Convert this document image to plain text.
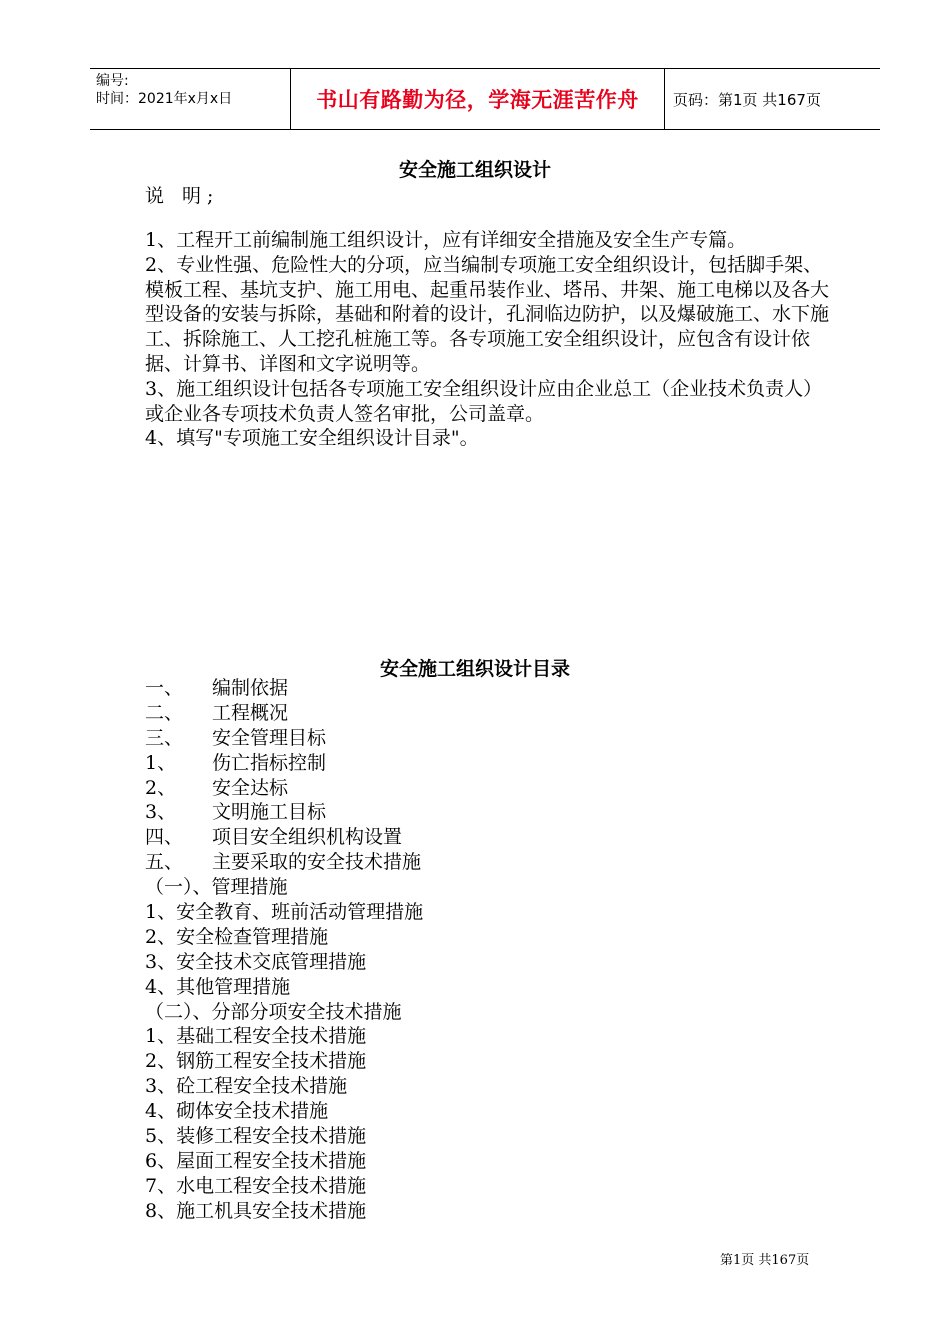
编号:
时间：2021年x月x日	书山有路勤为径，学海无涯苦作舟	页码：第1页 共167页
安全施工组织设计
说 明;

1、工程开工前编制施工组织设计，应有详细安全措施及安全生产专篇。

2、专业性强、危险性大的分项，应当编制专项施工安全组织设计，包括脚手架、模板工程、基坑支护、施工用电、起重吊装作业、塔吊、井架、施工电梯以及各大型设备的安装与拆除，基础和附着的设计，孔洞临边防护，以及爆破施工、水下施工、拆除施工、人工挖孔桩施工等。各专项施工安全组织设计，应包含有设计依据、计算书、详图和文字说明等。

3、施工组织设计包括各专项施工安全组织设计应由企业总工（企业技术负责人）或企业各专项技术负责人签名审批，公司盖章。

4、填写"专项施工安全组织设计目录"。

安全施工组织设计目录
一、 编制依据
二、 工程概况
三、 安全管理目标
1、 伤亡指标控制
2、 安全达标
3、 文明施工目标
四、 项目安全组织机构设置
五、 主要采取的安全技术措施
（一）、管理措施
1、安全教育、班前活动管理措施
2、安全检查管理措施
3、安全技术交底管理措施
4、其他管理措施
（二）、分部分项安全技术措施
1、基础工程安全技术措施
2、钢筋工程安全技术措施
3、砼工程安全技术措施
4、砌体安全技术措施
5、装修工程安全技术措施
6、屋面工程安全技术措施
7、水电工程安全技术措施
8、施工机具安全技术措施
第1页 共167页
